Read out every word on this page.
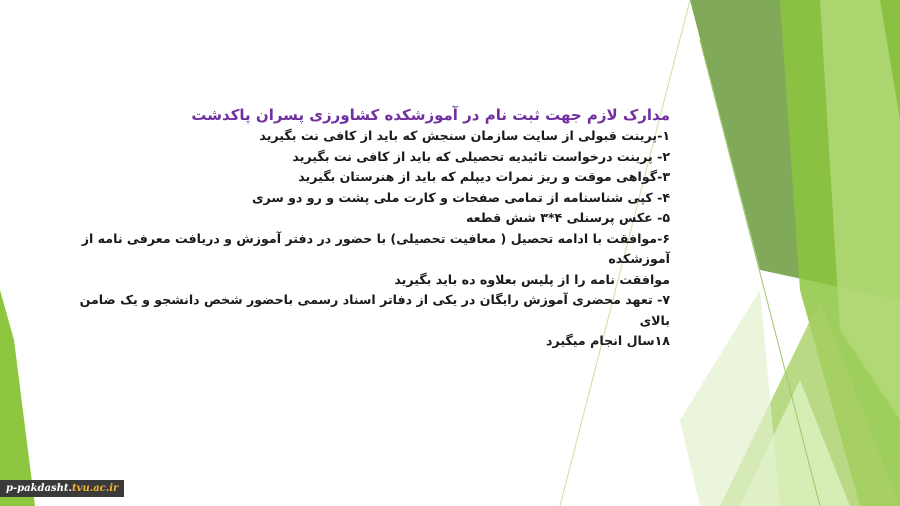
مدارک لازم جهت ثبت نام در آموزشکده کشاورزی پسران پاکدشت

۱-پرینت قبولی از سایت سازمان سنجش که باید از کافی نت بگیرید

۲- پرینت درخواست تائیدیه تحصیلی که باید از کافی نت بگیرید

۳-گواهی موقت و ریز نمرات دیپلم که باید از هنرستان بگیرید

۴- کپی شناسنامه از تمامی صفحات و کارت ملی پشت و رو دو سری

۵- عکس پرسنلی ۴*۳ شش قطعه

۶-موافقت با ادامه تحصیل ( معافیت تحصیلی) با حضور در دفتر آموزش و دریافت معرفی نامه از آموزشکده

موافقت نامه را از پلیس بعلاوه ده باید بگیرید

۷- تعهد محضری آموزش رایگان در یکی از دفاتر اسناد رسمی باحضور شخص دانشجو و یک ضامن بالای

۱۸سال انجام میگیرد

p-pakdasht. tvu.ac.ir
